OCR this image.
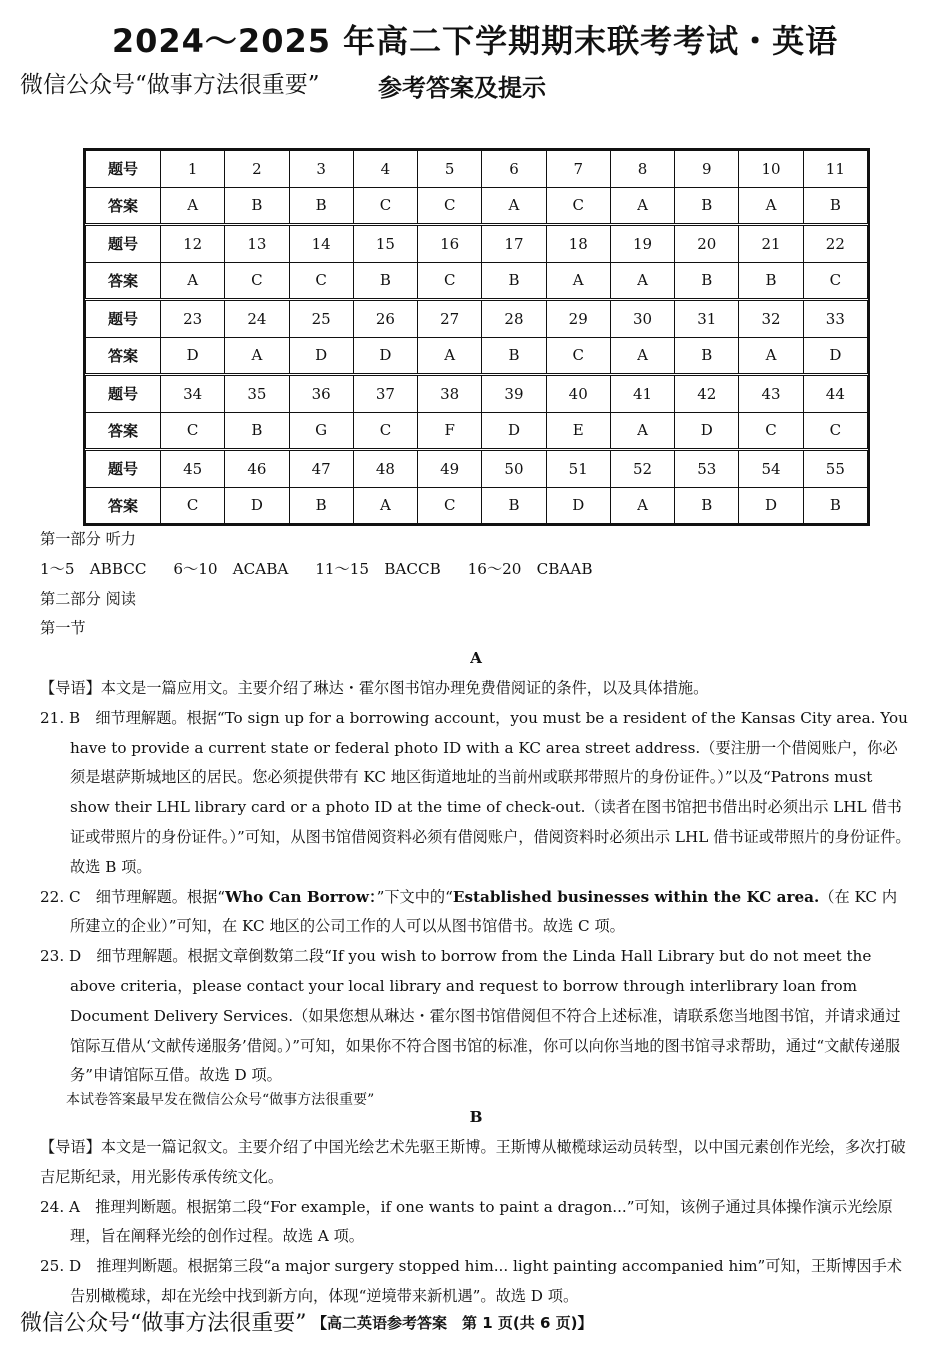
2024～2025 年高二下学期期末联考考试・英语
微信公众号“做事方法很重要” 参考答案及提示
题号	1	2	3	4	5	6	7	8	9	10	11
答案	A	B	B	C	C	A	C	A	B	A	B
题号	12	13	14	15	16	17	18	19	20	21	22
答案	A	C	C	B	C	B	A	A	B	B	C
题号	23	24	25	26	27	28	29	30	31	32	33
答案	D	A	D	D	A	B	C	A	B	A	D
题号	34	35	36	37	38	39	40	41	42	43	44
答案	C	B	G	C	F	D	E	A	D	C	C
题号	45	46	47	48	49	50	51	52	53	54	55
答案	C	D	B	A	C	B	D	A	B	D	B

第一部分 听力

1～5　ABBCC 6～10　ACABA 11～15　BACCB 16～20　CBAAB

第二部分 阅读

第一节

A

【导语】本文是一篇应用文。主要介绍了琳达・霍尔图书馆办理免费借阅证的条件，以及具体措施。

21. B　细节理解题。根据“To sign up for a borrowing account，you must be a resident of the Kansas City area. You have to provide a current state or federal photo ID with a KC area street address.（要注册一个借阅账户，你必须是堪萨斯城地区的居民。您必须提供带有 KC 地区街道地址的当前州或联邦带照片的身份证件。）”以及“Patrons must show their LHL library card or a photo ID at the time of check-out.（读者在图书馆把书借出时必须出示 LHL 借书证或带照片的身份证件。）”可知，从图书馆借阅资料必须有借阅账户，借阅资料时必须出示 LHL 借书证或带照片的身份证件。故选 B 项。

22. C　细节理解题。根据“Who Can Borrow：”下文中的“Established businesses within the KC area.（在 KC 内所建立的企业）”可知，在 KC 地区的公司工作的人可以从图书馆借书。故选 C 项。

23. D　细节理解题。根据文章倒数第二段“If you wish to borrow from the Linda Hall Library but do not meet the above criteria，please contact your local library and request to borrow through interlibrary loan from Document Delivery Services.（如果您想从琳达・霍尔图书馆借阅但不符合上述标准，请联系您当地图书馆，并请求通过馆际互借从‘文献传递服务’借阅。）”可知，如果你不符合图书馆的标准，你可以向你当地的图书馆寻求帮助，通过“文献传递服务”申请馆际互借。故选 D 项。

本试卷答案最早发在微信公众号“做事方法很重要”

B

【导语】本文是一篇记叙文。主要介绍了中国光绘艺术先驱王斯博。王斯博从橄榄球运动员转型，以中国元素创作光绘，多次打破吉尼斯纪录，用光影传承传统文化。

24. A　推理判断题。根据第二段“For example，if one wants to paint a dragon...”可知，该例子通过具体操作演示光绘原理，旨在阐释光绘的创作过程。故选 A 项。

25. D　推理判断题。根据第三段“a major surgery stopped him... light painting accompanied him”可知，王斯博因手术告别橄榄球，却在光绘中找到新方向，体现“逆境带来新机遇”。故选 D 项。

微信公众号“做事方法很重要” 【高二英语参考答案　第 1 页(共 6 页)】
